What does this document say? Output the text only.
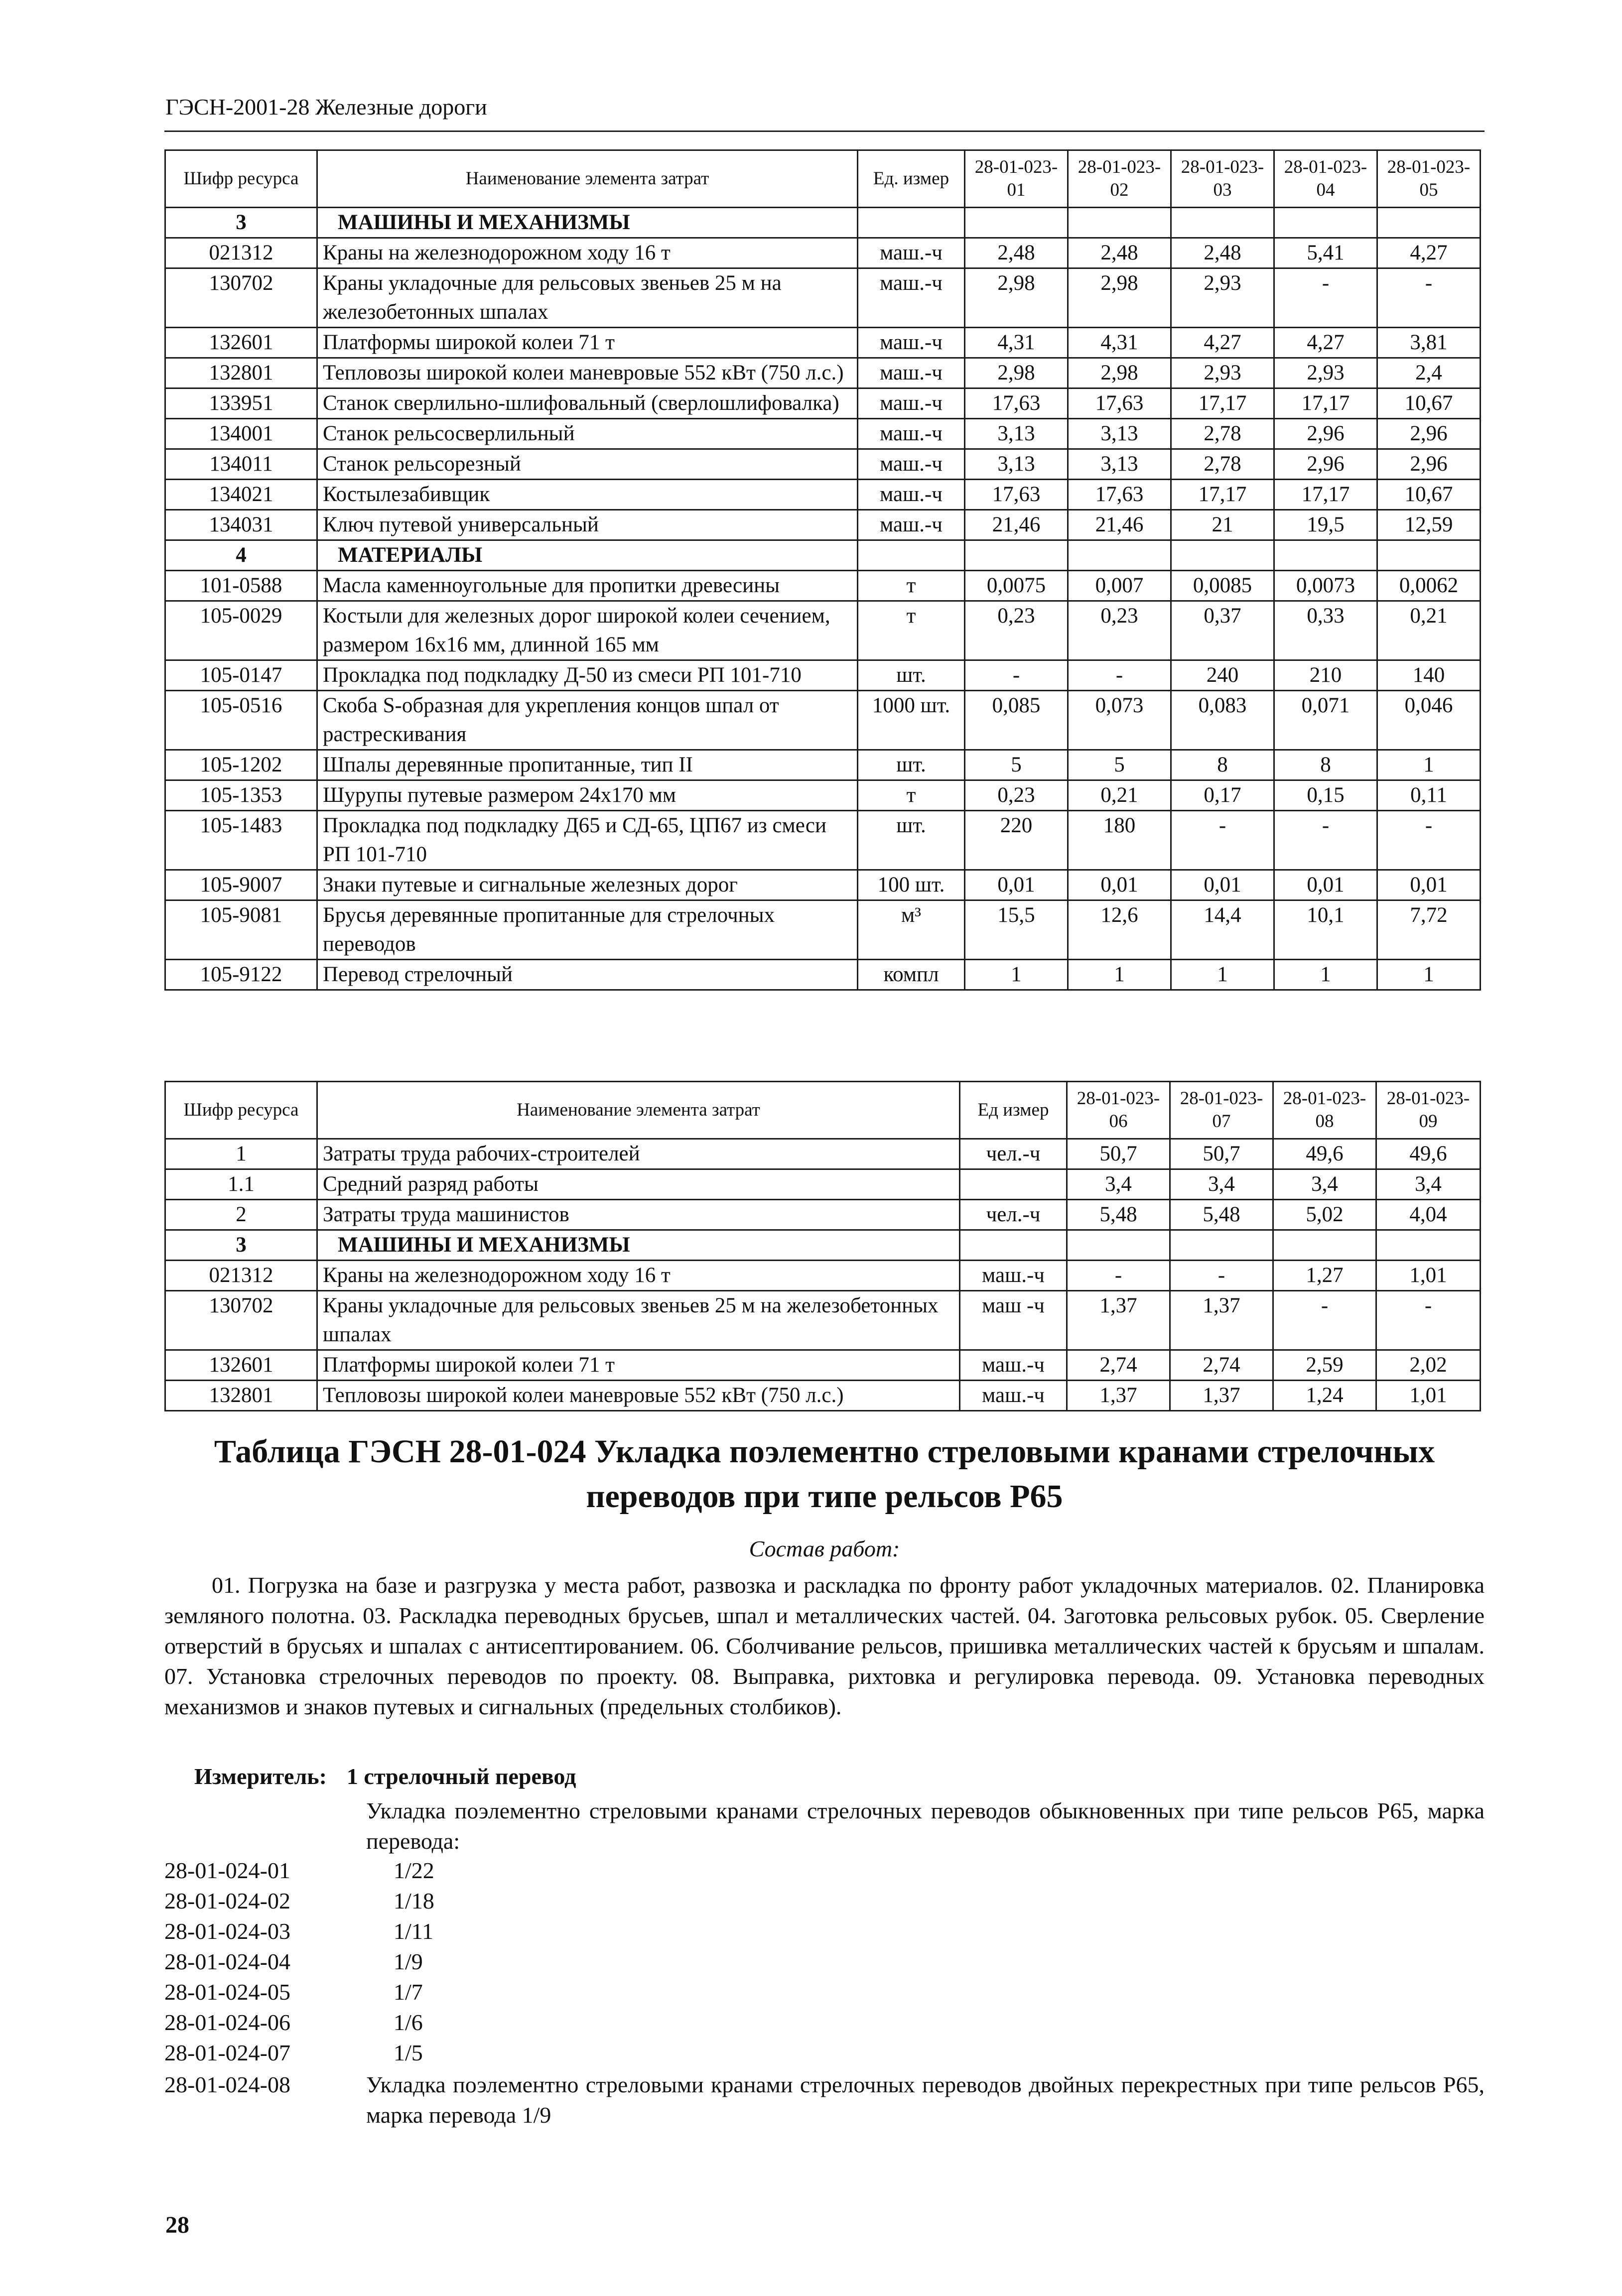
ГЭСН-2001-28 Железные дороги
Шифр ресурса	Наименование элемента затрат	Ед. измер	28-01-023-01	28-01-023-02	28-01-023-03	28-01-023-04	28-01-023-05
3	МАШИНЫ И МЕХАНИЗМЫ						
021312	Краны на железнодорожном ходу 16 т	маш.-ч	2,48	2,48	2,48	5,41	4,27
130702	Краны укладочные для рельсовых звеньев 25 м на железобетонных шпалах	маш.-ч	2,98	2,98	2,93	-	-
132601	Платформы широкой колеи 71 т	маш.-ч	4,31	4,31	4,27	4,27	3,81
132801	Тепловозы широкой колеи маневровые 552 кВт (750 л.с.)	маш.-ч	2,98	2,98	2,93	2,93	2,4
133951	Станок сверлильно-шлифовальный (сверлошлифовалка)	маш.-ч	17,63	17,63	17,17	17,17	10,67
134001	Станок рельсосверлильный	маш.-ч	3,13	3,13	2,78	2,96	2,96
134011	Станок рельсорезный	маш.-ч	3,13	3,13	2,78	2,96	2,96
134021	Костылезабивщик	маш.-ч	17,63	17,63	17,17	17,17	10,67
134031	Ключ путевой универсальный	маш.-ч	21,46	21,46	21	19,5	12,59
4	МАТЕРИАЛЫ						
101-0588	Масла каменноугольные для пропитки древесины	т	0,0075	0,007	0,0085	0,0073	0,0062
105-0029	Костыли для железных дорог широкой колеи сечением, размером 16х16 мм, длинной 165 мм	т	0,23	0,23	0,37	0,33	0,21
105-0147	Прокладка под подкладку Д-50 из смеси РП 101-710	шт.	-	-	240	210	140
105-0516	Скоба S-образная для укрепления концов шпал от растрескивания	1000 шт.	0,085	0,073	0,083	0,071	0,046
105-1202	Шпалы деревянные пропитанные, тип II	шт.	5	5	8	8	1
105-1353	Шурупы путевые размером 24х170 мм	т	0,23	0,21	0,17	0,15	0,11
105-1483	Прокладка под подкладку Д65 и СД-65, ЦП67 из смеси РП 101-710	шт.	220	180	-	-	-
105-9007	Знаки путевые и сигнальные железных дорог	100 шт.	0,01	0,01	0,01	0,01	0,01
105-9081	Брусья деревянные пропитанные для стрелочных переводов	м³	15,5	12,6	14,4	10,1	7,72
105-9122	Перевод стрелочный	компл	1	1	1	1	1
Шифр ресурса	Наименование элемента затрат	Ед измер	28-01-023-06	28-01-023-07	28-01-023-08	28-01-023-09
1	Затраты труда рабочих-строителей	чел.-ч	50,7	50,7	49,6	49,6
1.1	Средний разряд работы		3,4	3,4	3,4	3,4
2	Затраты труда машинистов	чел.-ч	5,48	5,48	5,02	4,04
3	МАШИНЫ И МЕХАНИЗМЫ					
021312	Краны на железнодорожном ходу 16 т	маш.-ч	-	-	1,27	1,01
130702	Краны укладочные для рельсовых звеньев 25 м на железобетонных шпалах	маш -ч	1,37	1,37	-	-
132601	Платформы широкой колеи 71 т	маш.-ч	2,74	2,74	2,59	2,02
132801	Тепловозы широкой колеи маневровые 552 кВт (750 л.с.)	маш.-ч	1,37	1,37	1,24	1,01
Таблица ГЭСН 28-01-024 Укладка поэлементно стреловыми кранами стрелочных переводов при типе рельсов Р65
Состав работ:

01. Погрузка на базе и разгрузка у места работ, развозка и раскладка по фронту работ укладочных материалов. 02. Планировка земляного полотна. 03. Раскладка переводных брусьев, шпал и металлических частей. 04. Заготовка рельсовых рубок. 05. Сверление отверстий в брусьях и шпалах с антисептированием. 06. Сболчивание рельсов, пришивка металлических частей к брусьям и шпалам. 07. Установка стрелочных переводов по проекту. 08. Выправка, рихтовка и регулировка перевода. 09. Установка переводных механизмов и знаков путевых и сигнальных (предельных столбиков).

Измеритель: 1 стрелочный перевод

Укладка поэлементно стреловыми кранами стрелочных переводов обыкновенных при типе рельсов Р65, марка перевода:

28-01-024-01	1/22
28-01-024-02	1/18
28-01-024-03	1/11
28-01-024-04	1/9
28-01-024-05	1/7
28-01-024-06	1/6
28-01-024-07	1/5
28-01-024-08	Укладка поэлементно стреловыми кранами стрелочных переводов двойных перекрестных при типе рельсов Р65, марка перевода 1/9

28
